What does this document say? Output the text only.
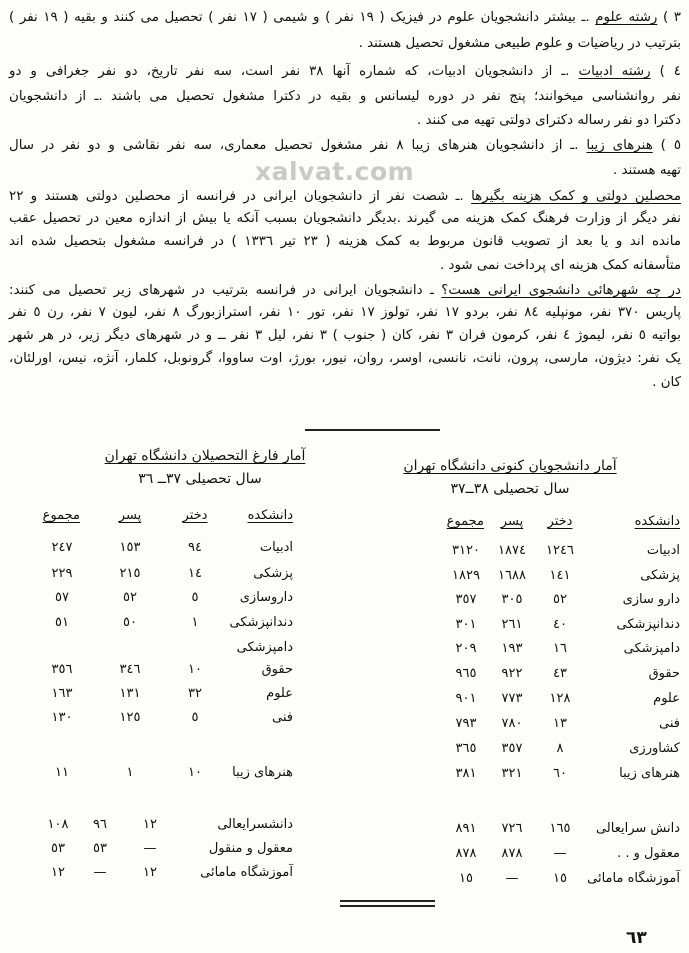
٣ ) رشته علوم .ـ بیشتر دانشجویان علوم در فیزیک ( ١٩ نفر ) و شیمی ( ١٧ نفر ) تحصیل می کنند و بقیه ( ١٩ نفر )
بترتیب در ریاضیات و علوم طبیعی مشغول تحصیل هستند .
٤ ) رشته ادبیات .ـ از دانشجویان ادبیات، که شماره آنها ٣٨ نفر است، سه نفر تاریخ، دو نفر جغرافی و دو
نفر روانشناسی میخوانند؛ پنج نفر در دوره لیسانس و بقیه در دکترا مشغول تحصیل می باشند .ـ از دانشجویان
دکترا دو نفر رساله دکترای دولتی تهیه می کنند .
٥ ) هنرهای زیبا .ـ از دانشجویان هنرهای زیبا ٨ نفر مشغول تحصیل معماری، سه نفر نقاشی و دو نفر در سال
تهیه هستند .
محصلین دولتی و کمک هزینه بگیرها .ـ شصت نفر از دانشجویان ایرانی در فرانسه از محصلین دولتی هستند و ٢٢
نفر دیگر از وزارت فرهنگ کمک هزینه می گیرند .بدیگر دانشجویان بسبب آنکه یا بیش از اندازه معین در تحصیل عقب
مانده اند و یا بعد از تصویب قانون مربوط به کمک هزینه ( ٢٣ تیر ١٣٣٦ ) در فرانسه مشغول بتحصیل شده اند
متأسفانه کمک هزینه ای پرداخت نمی شود .
در چه شهرهائی دانشجوی ایرانی هست؟ ـ دانشجویان ایرانی در فرانسه بترتیب در شهرهای زیر تحصیل می کنند:
پاریس ٣٧٠ نفر، مونپلیه ٨٤ نفر، بردو ١٧ نفر، تولوز ١٧ نفر، تور ١٠ نفر، استرازبورگ ٨ نفر، لیون ٧ نفر، رن ٥ نفر
بواتیه ٥ نفر، لیموژ ٤ نفر، کرمون فران ٣ نفر، کان ( جنوب ) ٣ نفر، لیل ٣ نفر ــ و در شهرهای دیگر زیر، در هر شهر
یک نفر: دیژون، مارسی، پرون، نانت، نانسی، اوسر، روان، نیور، بورژ، اوت ساووا، گرونوبل، کلمار، آنژه، نیس، اورلئان،
کان .
xalvat.com
آمار دانشجویان کنونی دانشگاه تهران
سال تحصیلی ٣٨ــ٣٧
دانشکده
دختر
پسر
مجموع
ادبیات
١٢٤٦
١٨٧٤
٣١٢٠
پزشکی
١٤١
١٦٨٨
١٨٢٩
دارو سازی
٥٢
٣٠٥
٣٥٧
دندانپزشکی
٤٠
٢٦١
٣٠١
دامپزشکی
١٦
١٩٣
٢٠٩
حقوق
٤٣
٩٢٢
٩٦٥
علوم
١٢٨
٧٧٣
٩٠١
فنی
١٣
٧٨٠
٧٩٣
کشاورزی
٨
٣٥٧
٣٦٥
هنرهای زیبا
٦٠
٣٢١
٣٨١
دانش سرایعالی
١٦٥
٧٢٦
٨٩١
معقول و . .
—
٨٧٨
٨٧٨
آموزشگاه مامائی
١٥
—
١٥
آمار فارغ التحصیلان دانشگاه تهران
سال تحصیلی ٣٧ــ ٣٦
دانشکده
دختر
پسر
مجموع
ادبیات
٩٤
١٥٣
٢٤٧
پزشکی
١٤
٢١٥
٢٢٩
داروسازی
٥
٥٢
٥٧
دندانپزشکی
١
٥٠
٥١
دامپزشکی
حقوق
١٠
٣٤٦
٣٥٦
علوم
٣٢
١٣١
١٦٣
فنی
٥
١٢٥
١٣٠
هنرهای زیبا
١٠
١
١١
دانشسرایعالی
١٢
٩٦
١٠٨
معقول و منقول
—
٥٣
٥٣
آموزشگاه مامائی
١٢
—
١٢
٦٣
